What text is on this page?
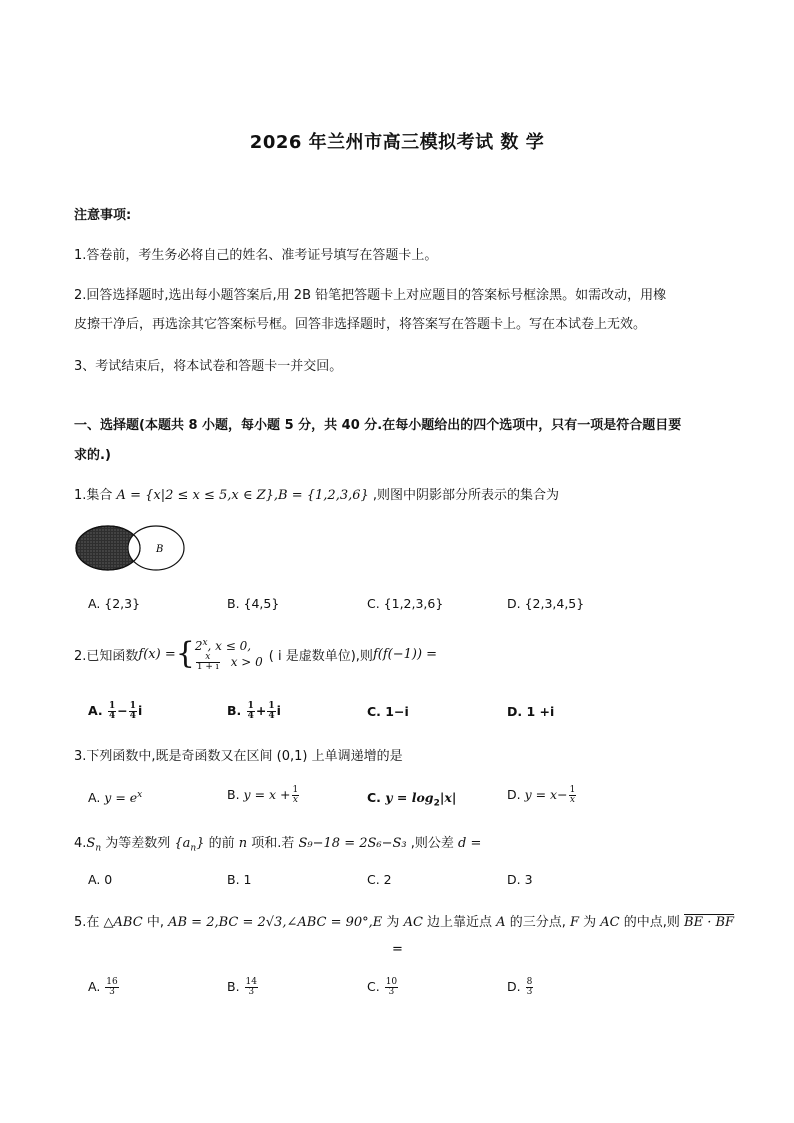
2026 年兰州市高三模拟考试 数 学
注意事项:
1.答卷前，考生务必将自己的姓名、准考证号填写在答题卡上。
2.回答选择题时,选出每小题答案后,用 2B 铅笔把答题卡上对应题目的答案标号框涂黑。如需改动，用橡
皮擦干净后，再选涂其它答案标号框。回答非选择题时，将答案写在答题卡上。写在本试卷上无效。
3、考试结束后，将本试卷和答题卡一并交回。
一、选择题(本题共 8 小题，每小题 5 分，共 40 分.在每小题给出的四个选项中，只有一项是符合题目要
求的.)
1.集合 A = {x|2 ≤ x ≤ 5,x ∈ Z},B = {1,2,3,6} ,则图中阴影部分所表示的集合为
B
A. {2,3}	B. {4,5}	C. {1,2,3,6}	D. {2,3,4,5}
2.已知函数 f(x) = { 2$^x$, x ≤ 0,
$\frac{x}{1 + i}$ x > 0 ( i 是虚数单位),则 f(f(−1)) =
A. $\frac{1}{4} - \frac{1}{4}$ i	B. $\frac{1}{4} + \frac{1}{4}$ i	C. 1−i	D. 1 +i
3.下列函数中,既是奇函数又在区间 (0,1) 上单调递增的是
A. $y = e^x$	B. $y = x + \frac{1}{x}$	C. $y = \log_2|x|$	D. $y = x- \frac{1}{x}$
$4.S_n$ 为等差数列 $\{a_n\}$ 的前 n 项和.若 S₉−18 = 2S₆−S₃ ,则公差 d =
A. 0	B. 1	C. 2	D. 3
5.在 △ABC 中, AB = 2,BC = 2√3,∠ABC = 90°,E 为 AC 边上靠近点 A 的三分点, F 为 AC 的中点,则 BE · BF
=
A. $\frac{16}{3}$	B. $\frac{14}{3}$	C. $\frac{10}{3}$	D. $\frac{8}{3}$
